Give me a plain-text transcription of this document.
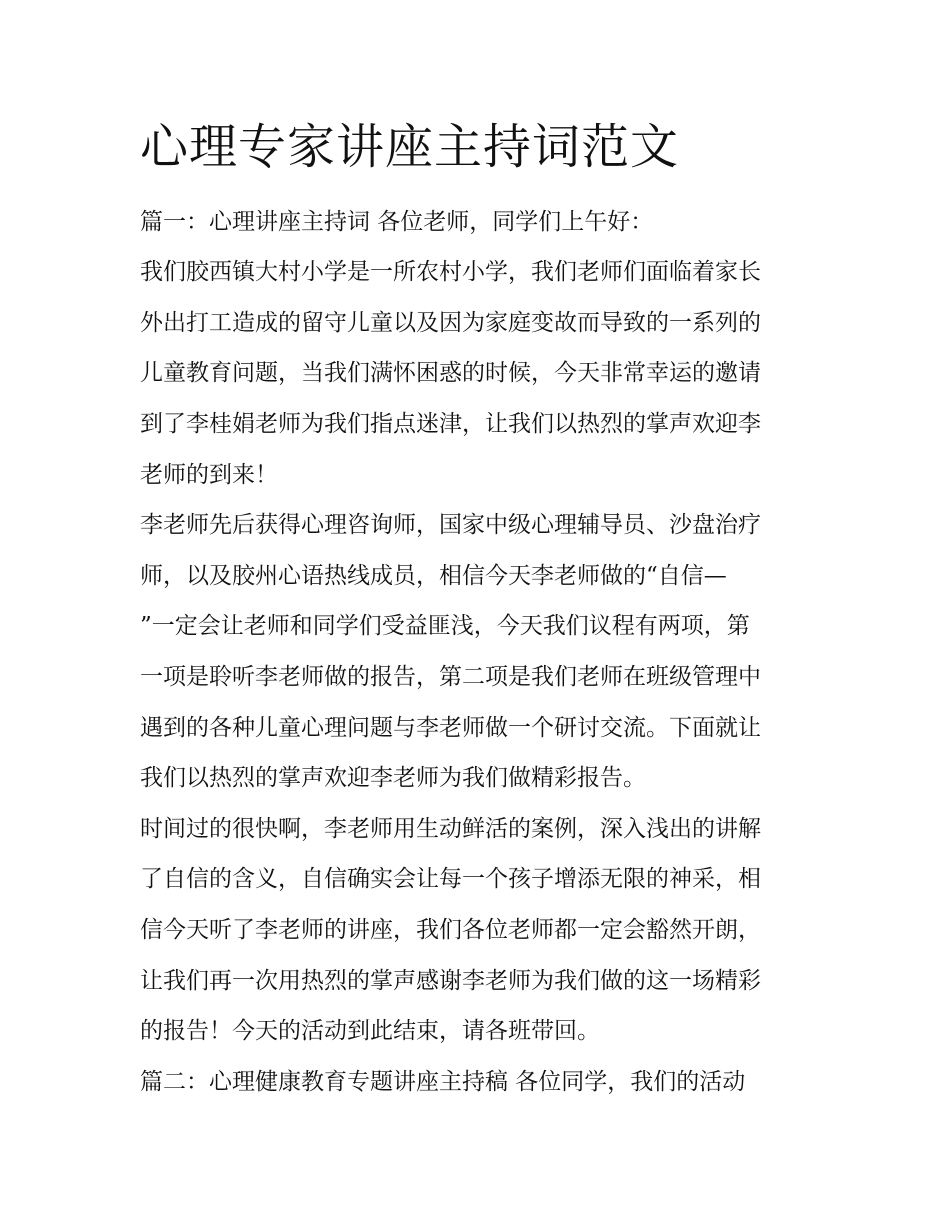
心理专家讲座主持词范文

篇一：心理讲座主持词 各位老师，同学们上午好：

我们胶西镇大村小学是一所农村小学，我们老师们面临着家长

外出打工造成的留守儿童以及因为家庭变故而导致的一系列的

儿童教育问题，当我们满怀困惑的时候，今天非常幸运的邀请

到了李桂娟老师为我们指点迷津，让我们以热烈的掌声欢迎李

老师的到来！

李老师先后获得心理咨询师，国家中级心理辅导员、沙盘治疗

师，以及胶州心语热线成员，相信今天李老师做的“自信—

”一定会让老师和同学们受益匪浅，今天我们议程有两项，第

一项是聆听李老师做的报告，第二项是我们老师在班级管理中

遇到的各种儿童心理问题与李老师做一个研讨交流。下面就让

我们以热烈的掌声欢迎李老师为我们做精彩报告。

时间过的很快啊，李老师用生动鲜活的案例，深入浅出的讲解

了自信的含义，自信确实会让每一个孩子增添无限的神采，相

信今天听了李老师的讲座，我们各位老师都一定会豁然开朗，

让我们再一次用热烈的掌声感谢李老师为我们做的这一场精彩

的报告！今天的活动到此结束，请各班带回。

篇二：心理健康教育专题讲座主持稿 各位同学，我们的活动
